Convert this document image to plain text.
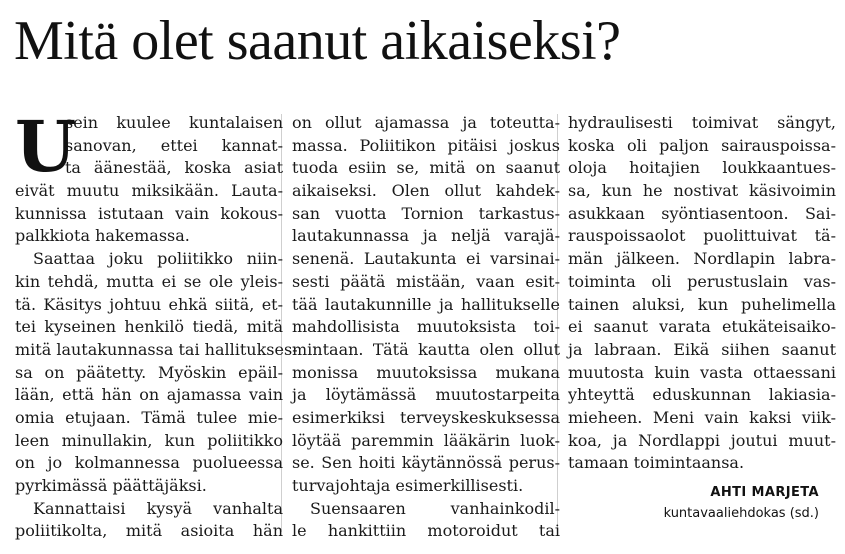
Mitä olet saanut aikaiseksi?
U
sein kuulee kuntalaisen
sanovan, ettei kannat-
ta äänestää, koska asiat
eivät muutu miksikään. Lauta-
kunnissa istutaan vain kokous-
palkkiota hakemassa.
Saattaa joku poliitikko niin-
kin tehdä, mutta ei se ole yleis-
tä. Käsitys johtuu ehkä siitä, et-
tei kyseinen henkilö tiedä, mitä
mitä lautakunnassa tai hallitukses-
sa on päätetty. Myöskin epäil-
lään, että hän on ajamassa vain
omia etujaan. Tämä tulee mie-
leen minullakin, kun poliitikko
on jo kolmannessa puolueessa
pyrkimässä päättäjäksi.
Kannattaisi kysyä vanhalta
poliitikolta, mitä asioita hän
on ollut ajamassa ja toteutta-
massa. Poliitikon pitäisi joskus
tuoda esiin se, mitä on saanut
aikaiseksi. Olen ollut kahdek-
san vuotta Tornion tarkastus-
lautakunnassa ja neljä varajä-
senenä. Lautakunta ei varsinai-
sesti päätä mistään, vaan esit-
tää lautakunnille ja hallitukselle
mahdollisista muutoksista toi-
mintaan. Tätä kautta olen ollut
monissa muutoksissa mukana
ja löytämässä muutostarpeita
esimerkiksi terveyskeskuksessa
löytää paremmin lääkärin luok-
se. Sen hoiti käytännössä perus-
turvajohtaja esimerkillisesti.
Suensaaren vanhainkodil-
le hankittiin motoroidut tai
hydraulisesti toimivat sängyt,
koska oli paljon sairauspoissa-
oloja hoitajien loukkaantues-
sa, kun he nostivat käsivoimin
asukkaan syöntiasentoon. Sai-
rauspoissaolot puolittuivat tä-
män jälkeen. Nordlapin labra-
toiminta oli perustuslain vas-
tainen aluksi, kun puhelimella
ei saanut varata etukäteisaiko-
ja labraan. Eikä siihen saanut
muutosta kuin vasta ottaessani
yhteyttä eduskunnan lakiasia-
mieheen. Meni vain kaksi viik-
koa, ja Nordlappi joutui muut-
tamaan toimintaansa.
AHTI MARJETA
kuntavaaliehdokas (sd.)
